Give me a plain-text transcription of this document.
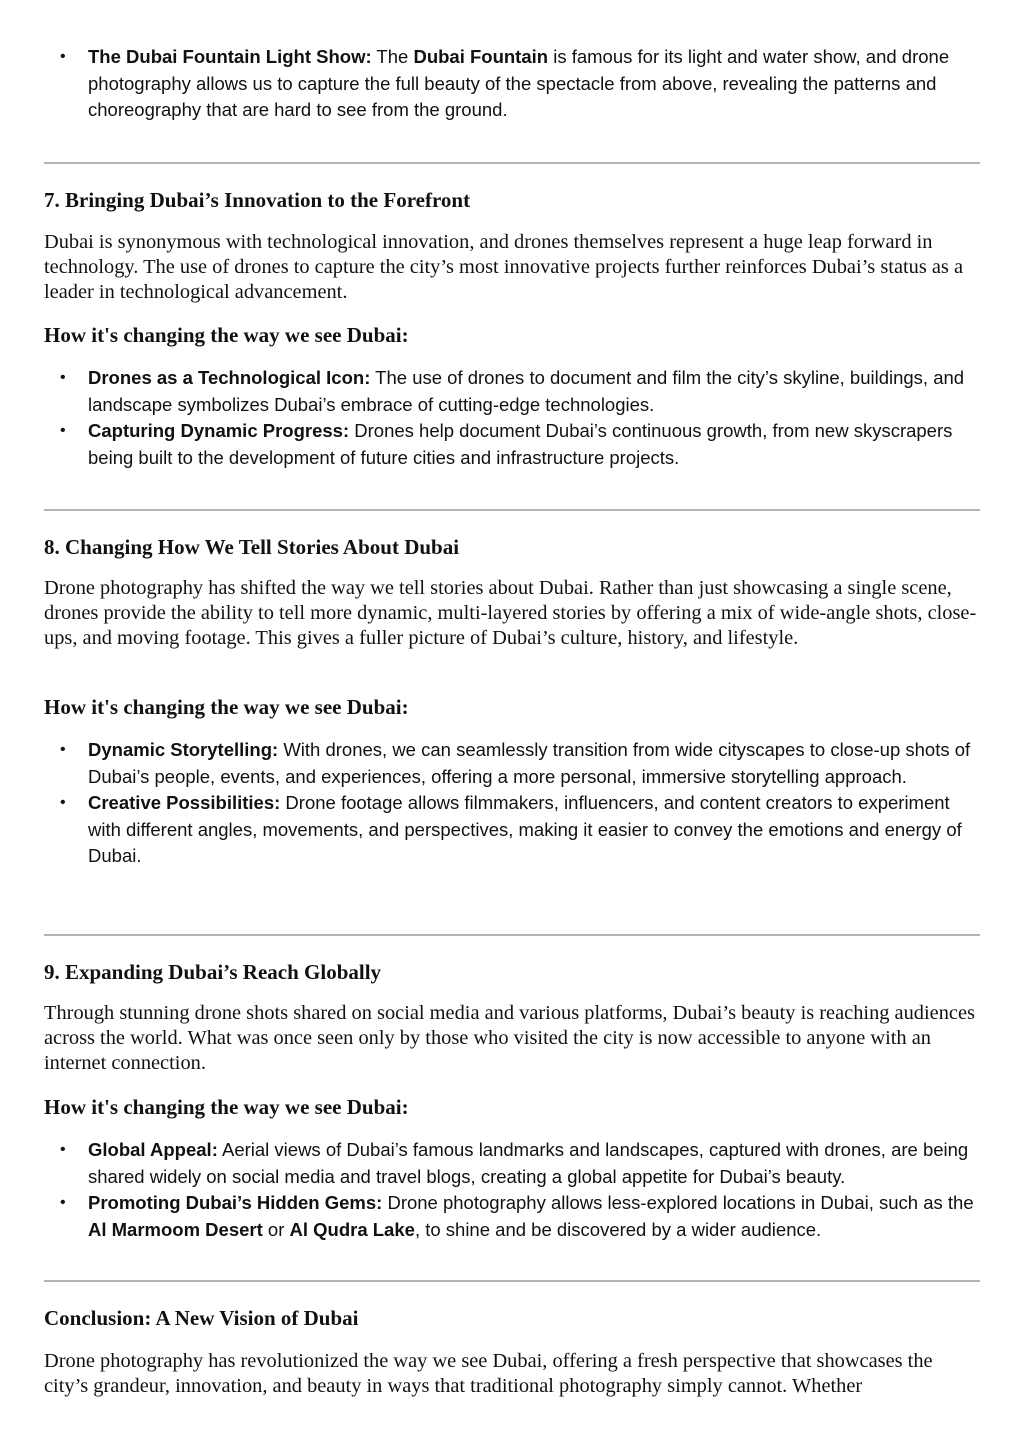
• The Dubai Fountain Light Show: The Dubai Fountain is famous for its light and water show, and drone photography allows us to capture the full beauty of the spectacle from above, revealing the patterns and choreography that are hard to see from the ground.
7. Bringing Dubai’s Innovation to the Forefront

Dubai is synonymous with technological innovation, and drones themselves represent a huge leap forward in technology. The use of drones to capture the city’s most innovative projects further reinforces Dubai’s status as a leader in technological advancement.

How it's changing the way we see Dubai:
• Drones as a Technological Icon: The use of drones to document and film the city’s skyline, buildings, and landscape symbolizes Dubai’s embrace of cutting-edge technologies.
• Capturing Dynamic Progress: Drones help document Dubai’s continuous growth, from new skyscrapers being built to the development of future cities and infrastructure projects.
8. Changing How We Tell Stories About Dubai

Drone photography has shifted the way we tell stories about Dubai. Rather than just showcasing a single scene, drones provide the ability to tell more dynamic, multi-layered stories by offering a mix of wide-angle shots, close-ups, and moving footage. This gives a fuller picture of Dubai’s culture, history, and lifestyle.

How it's changing the way we see Dubai:
• Dynamic Storytelling: With drones, we can seamlessly transition from wide cityscapes to close-up shots of Dubai’s people, events, and experiences, offering a more personal, immersive storytelling approach.
• Creative Possibilities: Drone footage allows filmmakers, influencers, and content creators to experiment with different angles, movements, and perspectives, making it easier to convey the emotions and energy of Dubai.
9. Expanding Dubai’s Reach Globally

Through stunning drone shots shared on social media and various platforms, Dubai’s beauty is reaching audiences across the world. What was once seen only by those who visited the city is now accessible to anyone with an internet connection.

How it's changing the way we see Dubai:
• Global Appeal: Aerial views of Dubai’s famous landmarks and landscapes, captured with drones, are being shared widely on social media and travel blogs, creating a global appetite for Dubai’s beauty.
• Promoting Dubai’s Hidden Gems: Drone photography allows less-explored locations in Dubai, such as the Al Marmoom Desert or Al Qudra Lake, to shine and be discovered by a wider audience.
Conclusion: A New Vision of Dubai

Drone photography has revolutionized the way we see Dubai, offering a fresh perspective that showcases the city’s grandeur, innovation, and beauty in ways that traditional photography simply cannot. Whether
